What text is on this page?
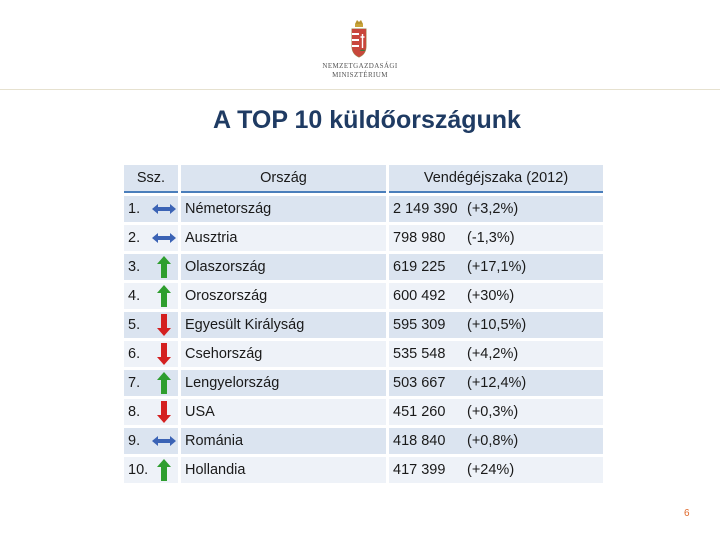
NEMZETGAZDASÁGI
MINISZTÉRIUM
A TOP 10 küldőországunk
Ssz.	Ország	Vendégéjszaka (2012)

1.	Németország	2 149 390 (+3,2%)

2.	Ausztria	798 980 (-1,3%)

3.	Olaszország	619 225 (+17,1%)

4.	Oroszország	600 492 (+30%)

5.	Egyesült Királyság	595 309 (+10,5%)

6.	Csehország	535 548 (+4,2%)

7.	Lengyelország	503 667 (+12,4%)

8.	USA	451 260 (+0,3%)

9.	Románia	418 840 (+0,8%)

10.	Hollandia	417 399 (+24%)
6
